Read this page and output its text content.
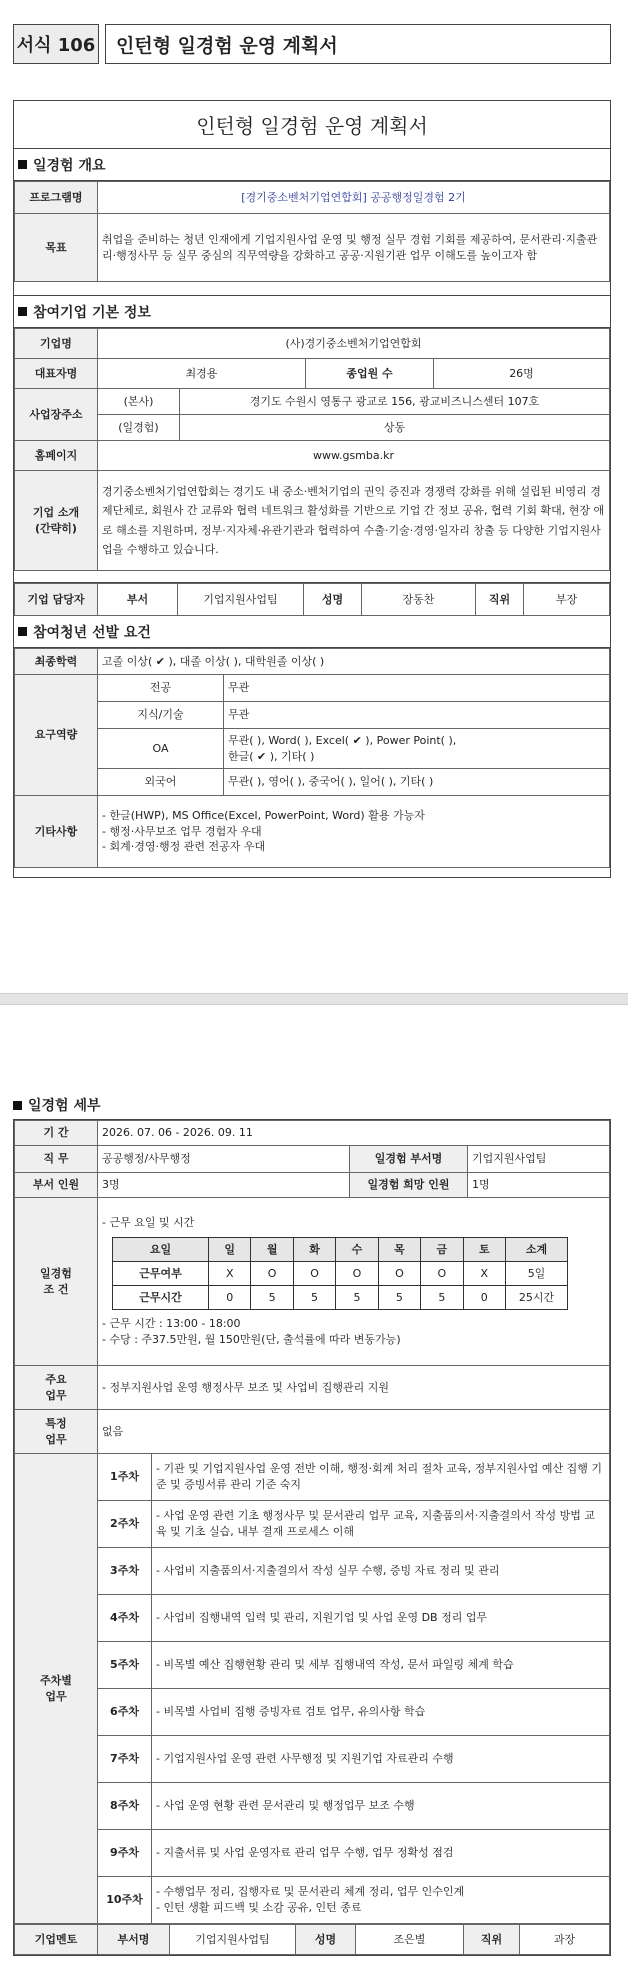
서식 106	인턴형 일경험 운영 계획서
인턴형 일경험 운영 계획서
일경험 개요
프로그램명	[경기중소벤처기업연합회] 공공행정일경험 2기
목표	취업을 준비하는 청년 인재에게 기업지원사업 운영 및 행정 실무 경험 기회를 제공하여, 문서관리·지출관리·행정사무 등 실무 중심의 직무역량을 강화하고 공공·지원기관 업무 이해도를 높이고자 함
참여기업 기본 정보
기업명	(사)경기중소벤처기업연합회			
대표자명	최경용		종업원 수	26명
사업장주소	(본사)	경기도 수원시 영통구 광교로 156, 광교비즈니스센터 107호		
	(일경험)	상동		
홈페이지	www.gsmba.kr			

기업 소개
(간략히)	경기중소벤처기업연합회는 경기도 내 중소·벤처기업의 권익 증진과 경쟁력 강화를 위해 설립된 비영리 경제단체로, 회원사 간 교류와 협력 네트워크 활성화를 기반으로 기업 간 정보 공유, 협력 기회 확대, 현장 애로 해소를 지원하며, 정부·지자체·유관기관과 협력하여 수출·기술·경영·일자리 창출 등 다양한 기업지원사업을 수행하고 있습니다.			
기업 담당자	부서	기업지원사업팀	성명	장동찬	직위	부장
참여청년 선발 요건
최종학력	고졸 이상( ✔ ), 대졸 이상( ), 대학원졸 이상( )	
요구역량	전공	무관
	지식/기술	무관
	OA	무관( ), Word( ), Excel( ✔ ), Power Point( ),
한글( ✔ ), 기타( )

	외국어	무관( ), 영어( ), 중국어( ), 일어( ), 기타( )
기타사항	- 한글(HWP), MS Office(Excel, PowerPoint, Word) 활용 가능자
- 행정·사무보조 업무 경험자 우대
- 회계·경영·행정 관련 전공자 우대	
일경험 세부
기 간	2026. 07. 06 - 2026. 09. 11
직 무	공공행정/사무행정	일경험 부서명	기업지원사업팀
부서 인원	3명	일경험 희망 인원	1명

일경험
조 건

- 근무 요일 및 시간
요일	일	월	화	수	목	금	토	소계
근무여부	X	O	O	O	O	O	X	5일
근무시간	0	5	5	5	5	5	0	25시간
- 근무 시간 : 13:00 - 18:00
- 수당 : 주37.5만원, 월 150만원(단, 출석률에 따라 변동가능)

주요
업무
	- 정부지원사업 운영 행정사무 보조 및 사업비 집행관리 지원

특정
업무
	없음

주차별
업무
	1주차	- 기관 및 기업지원사업 운영 전반 이해, 행정·회계 처리 절차 교육, 정부지원사업 예산 집행 기준 및 증빙서류 관리 기준 숙지
2주차	- 사업 운영 관련 기초 행정사무 및 문서관리 업무 교육, 지출품의서·지출결의서 작성 방법 교육 및 기초 실습, 내부 결재 프로세스 이해
3주차	- 사업비 지출품의서·지출결의서 작성 실무 수행, 증빙 자료 정리 및 관리
4주차	- 사업비 집행내역 입력 및 관리, 지원기업 및 사업 운영 DB 정리 업무
5주차	- 비목별 예산 집행현황 관리 및 세부 집행내역 작성, 문서 파일링 체계 학습
6주차	- 비목별 사업비 집행 증빙자료 검토 업무, 유의사항 학습
7주차	- 기업지원사업 운영 관련 사무행정 및 지원기업 자료관리 수행
8주차	- 사업 운영 현황 관련 문서관리 및 행정업무 보조 수행
9주차	- 지출서류 및 사업 운영자료 관리 업무 수행, 업무 정확성 점검
10주차	- 수행업무 정리, 집행자료 및 문서관리 체계 정리, 업무 인수인계
- 인턴 생활 피드백 및 소감 공유, 인턴 종료
기업멘토	부서명	기업지원사업팀	성명	조은별	직위	과장
